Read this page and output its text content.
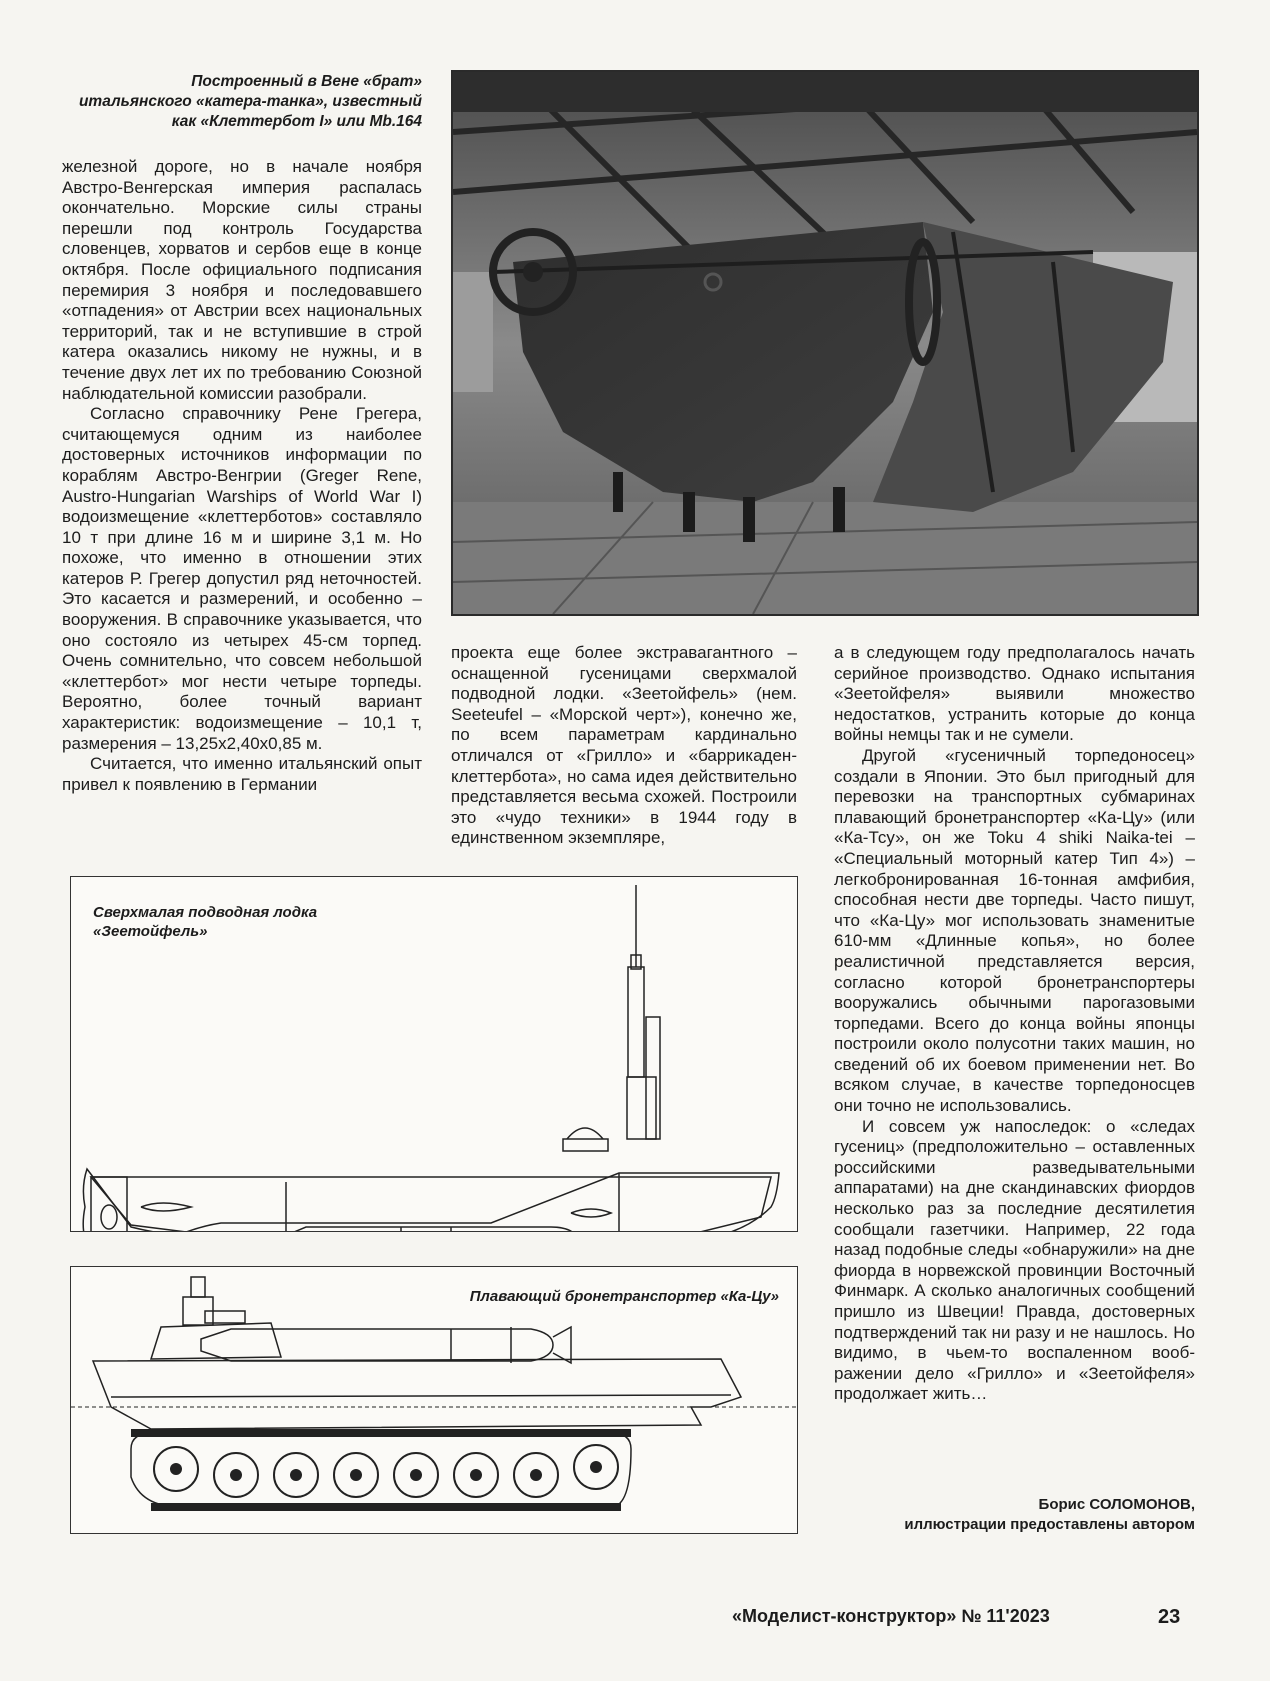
Построенный в Вене «брат»
итальянского «катера-танка», известный
как «Клеттербот I» или Mb.164

железной дороге, но в начале ноября Австро-Венгерская империя распалась окончательно. Морские силы страны перешли под контроль Государства словенцев, хорватов и сербов еще в конце октября. После официального подписания перемирия 3 ноября и последовавшего «отпадения» от Австрии всех национальных территорий, так и не вступившие в строй катера оказались никому не нужны, и в течение двух лет их по требованию Союзной наблюдательной комиссии разобрали.

Согласно справочнику Рене Грегера, считающемуся одним из наиболее достоверных источников информации по кораблям Австро-Венгрии (Greger Rene, Austro-Hungarian Warships of World War I) водоизмещение «клеттерботов» составляло 10 т при длине 16 м и ширине 3,1 м. Но похоже, что именно в отношении этих катеров Р. Грегер допустил ряд неточностей. Это касается и размерений, и особенно – вооружения. В справочнике указывается, что оно состояло из четырех 45-см торпед. Очень сомнительно, что совсем небольшой «клеттербот» мог нести четыре торпеды. Вероятно, более точный вариант характеристик: водоизмещение – 10,1 т, размерения – 13,25x2,40x0,85 м.

Считается, что именно итальянский опыт привел к появлению в Германии

проекта еще более экстравагантного – оснащенной гусеницами сверхмалой подводной лодки. «Зеетойфель» (нем. Seeteufel – «Морской черт»), конечно же, по всем параметрам кардинально отличался от «Грилло» и «баррикаденклеттербота», но сама идея действительно представляется весьма схожей. Построили это «чудо техники» в 1944 году в единственном экземпляре,

а в следующем году предполагалось начать серийное производство. Однако испытания «Зеетойфеля» выявили множество недостатков, устранить которые до конца войны немцы так и не сумели.

Другой «гусеничный торпедоносец» создали в Японии. Это был пригодный для перевозки на транспортных субмаринах плавающий бронетранспортер «Ка-Цу» (или «Ка-Тсу», он же Toku 4 shiki Naika-tei – «Специальный моторный катер Тип 4») – легкобронированная 16-тонная амфибия, способная нести две торпеды. Часто пишут, что «Ка-Цу» мог использовать знаменитые 610-мм «Длинные копья», но более реалистичной представляется версия, согласно которой бронетранспортеры вооружались обычными парогазовыми торпедами. Всего до конца войны японцы построили около полусотни таких машин, но сведений об их боевом применении нет. Во всяком случае, в качестве торпедоносцев они точно не использовались.

И совсем уж напоследок: о «следах гусениц» (предположительно – оставленных российскими разведывательными аппаратами) на дне скандинавских фиордов несколько раз за последние десятилетия сообщали газетчики. Например, 22 года назад подобные следы «обнаружили» на дне фиорда в норвежской провинции Восточный Финмарк. А сколько аналогичных сообщений пришло из Швеции! Правда, достоверных подтверждений так ни разу и не нашлось. Но видимо, в чьем-то воспаленном воображении дело «Грилло» и «Зеетойфеля» продолжает жить…

Сверхмалая подводная лодка
«Зеетойфель»
Плавающий бронетранспортер «Ка-Цу»
Борис СОЛОМОНОВ,
иллюстрации предоставлены автором
«Моделист-конструктор» № 11'2023	23
